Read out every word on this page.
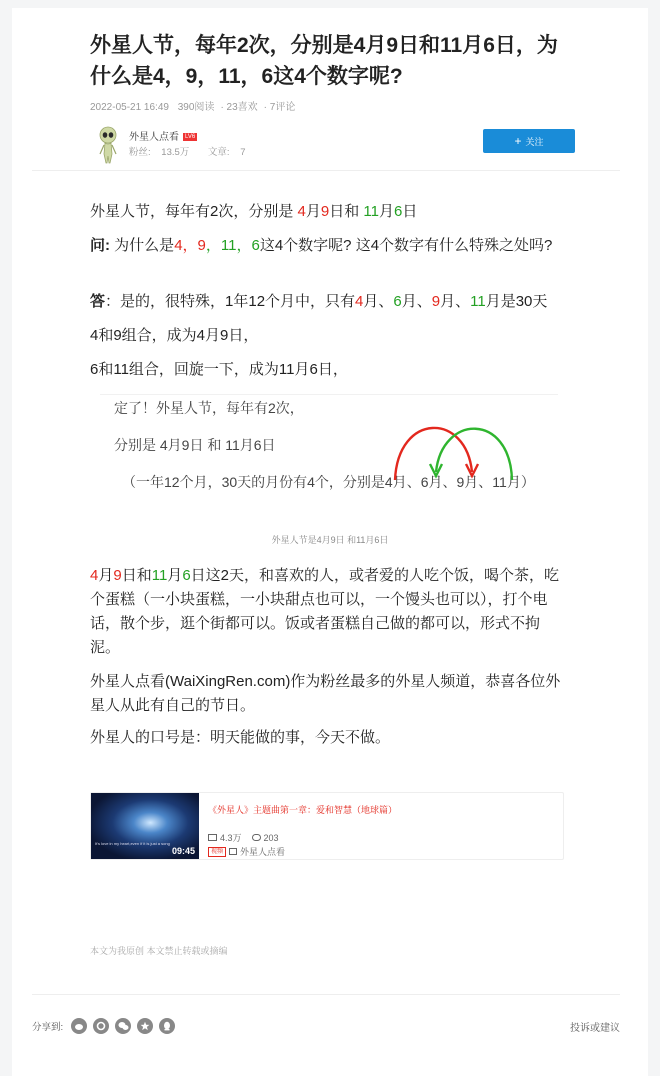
外星人节，每年2次，分别是4月9日和11月6日，为什么是4，9，11，6这4个数字呢?
2022-05-21 16:49 390阅读 · 23喜欢 · 7评论
外星人点看 LV6
粉丝: 13.5万 文章: 7
+ 关注
外星人节，每年有2次，分别是 4月9日和 11月6日
问: 为什么是4，9，11，6这4个数字呢? 这4个数字有什么特殊之处吗?
答：是的，很特殊，1年12个月中，只有4月、6月、9月、11月是30天
4和9组合，成为4月9日，
6和11组合，回旋一下，成为11月6日，
定了！外星人节，每年有2次，
分别是 4月9日 和 11月6日
（一年12个月，30天的月份有4个，分别是4月、6月、9月、11月）
外星人节是4月9日 和11月6日
4月9日和11月6日这2天，和喜欢的人，或者爱的人吃个饭，喝个茶，吃个蛋糕（一小块蛋糕，一小块甜点也可以，一个馒头也可以），打个电话，散个步，逛个街都可以。饭或者蛋糕自己做的都可以，形式不拘泥。
外星人点看(WaiXingRen.com)作为粉丝最多的外星人频道，恭喜各位外星人从此有自己的节日。
外星人的口号是：明天能做的事，今天不做。
It's love in my heart,even if it is just a song
09:45
《外星人》主题曲第一章：爱和智慧（地球篇）
4.3万 203
视频	外星人点看
本文为我原创 本文禁止转载或摘编
分享到:	投诉或建议
